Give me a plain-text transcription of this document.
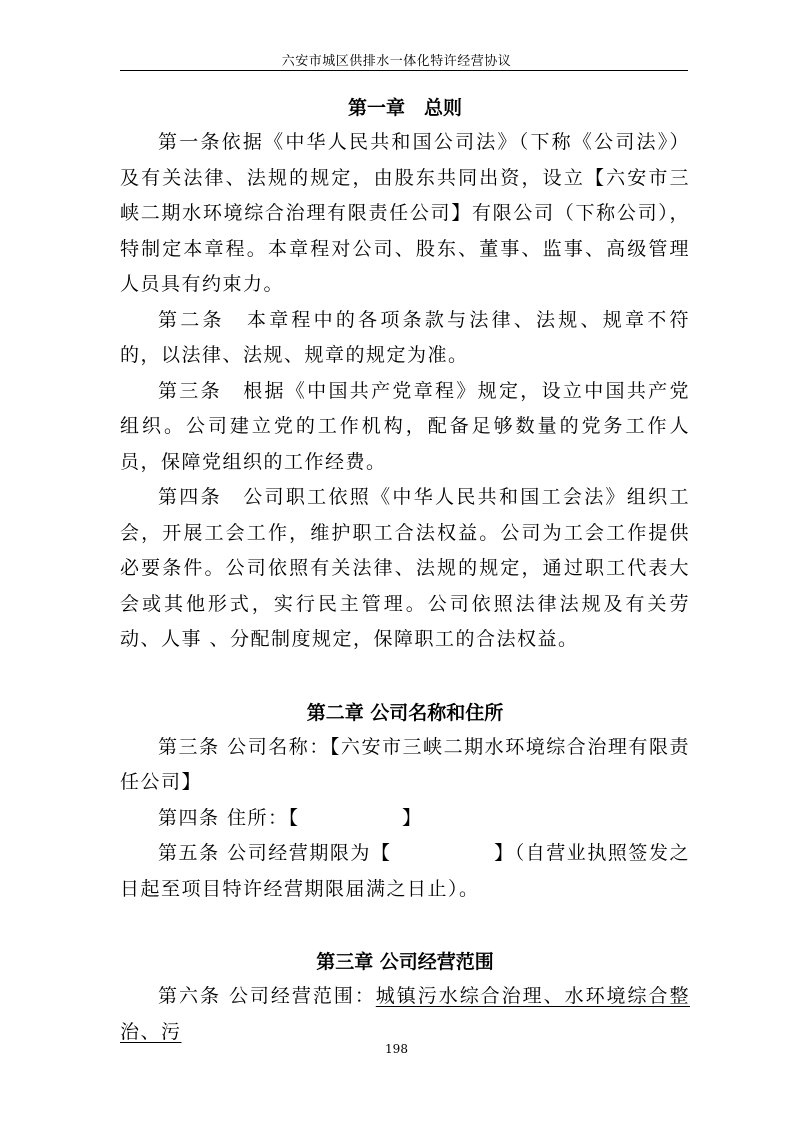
六安市城区供排水一体化特许经营协议
第一章　总则

第一条依据《中华人民共和国公司法》（下称《公司法》）及有关法律、法规的规定，由股东共同出资，设立【六安市三峡二期水环境综合治理有限责任公司】有限公司（下称公司），特制定本章程。本章程对公司、股东、董事、监事、高级管理人员具有约束力。

第二条　本章程中的各项条款与法律、法规、规章不符的，以法律、法规、规章的规定为准。

第三条　根据《中国共产党章程》规定，设立中国共产党组织。公司建立党的工作机构，配备足够数量的党务工作人员，保障党组织的工作经费。

第四条　公司职工依照《中华人民共和国工会法》组织工会，开展工会工作，维护职工合法权益。公司为工会工作提供必要条件。公司依照有关法律、法规的规定，通过职工代表大会或其他形式，实行民主管理。公司依照法律法规及有关劳动、人事 、分配制度规定，保障职工的合法权益。

第二章 公司名称和住所

第三条 公司名称：【六安市三峡二期水环境综合治理有限责任公司】

第四条 住所：【　　　　　】

第五条 公司经营期限为【　　　　　】（自营业执照签发之日起至项目特许经营期限届满之日止）。

第三章 公司经营范围

第六条 公司经营范围：城镇污水综合治理、水环境综合整治、污

198
